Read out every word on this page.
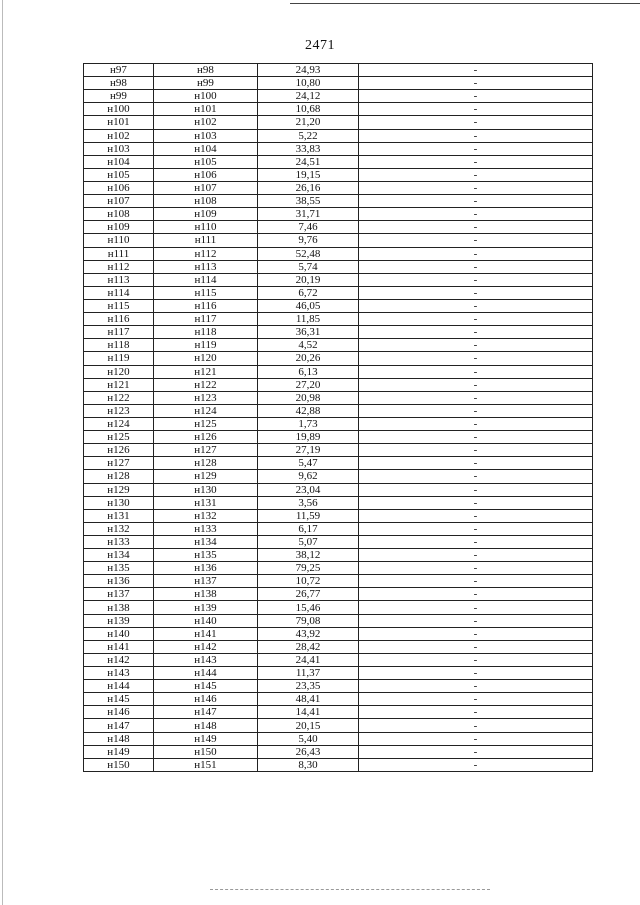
2471
н97	н98	24,93	-
н98	н99	10,80	-
н99	н100	24,12	-
н100	н101	10,68	-
н101	н102	21,20	-
н102	н103	5,22	-
н103	н104	33,83	-
н104	н105	24,51	-
н105	н106	19,15	-
н106	н107	26,16	-
н107	н108	38,55	-
н108	н109	31,71	-
н109	н110	7,46	-
н110	н111	9,76	-
н111	н112	52,48	-
н112	н113	5,74	-
н113	н114	20,19	-
н114	н115	6,72	-
н115	н116	46,05	-
н116	н117	11,85	-
н117	н118	36,31	-
н118	н119	4,52	-
н119	н120	20,26	-
н120	н121	6,13	-
н121	н122	27,20	-
н122	н123	20,98	-
н123	н124	42,88	-
н124	н125	1,73	-
н125	н126	19,89	-
н126	н127	27,19	-
н127	н128	5,47	-
н128	н129	9,62	-
н129	н130	23,04	-
н130	н131	3,56	-
н131	н132	11,59	-
н132	н133	6,17	-
н133	н134	5,07	-
н134	н135	38,12	-
н135	н136	79,25	-
н136	н137	10,72	-
н137	н138	26,77	-
н138	н139	15,46	-
н139	н140	79,08	-
н140	н141	43,92	-
н141	н142	28,42	-
н142	н143	24,41	-
н143	н144	11,37	-
н144	н145	23,35	-
н145	н146	48,41	-
н146	н147	14,41	-
н147	н148	20,15	-
н148	н149	5,40	-
н149	н150	26,43	-
н150	н151	8,30	-
